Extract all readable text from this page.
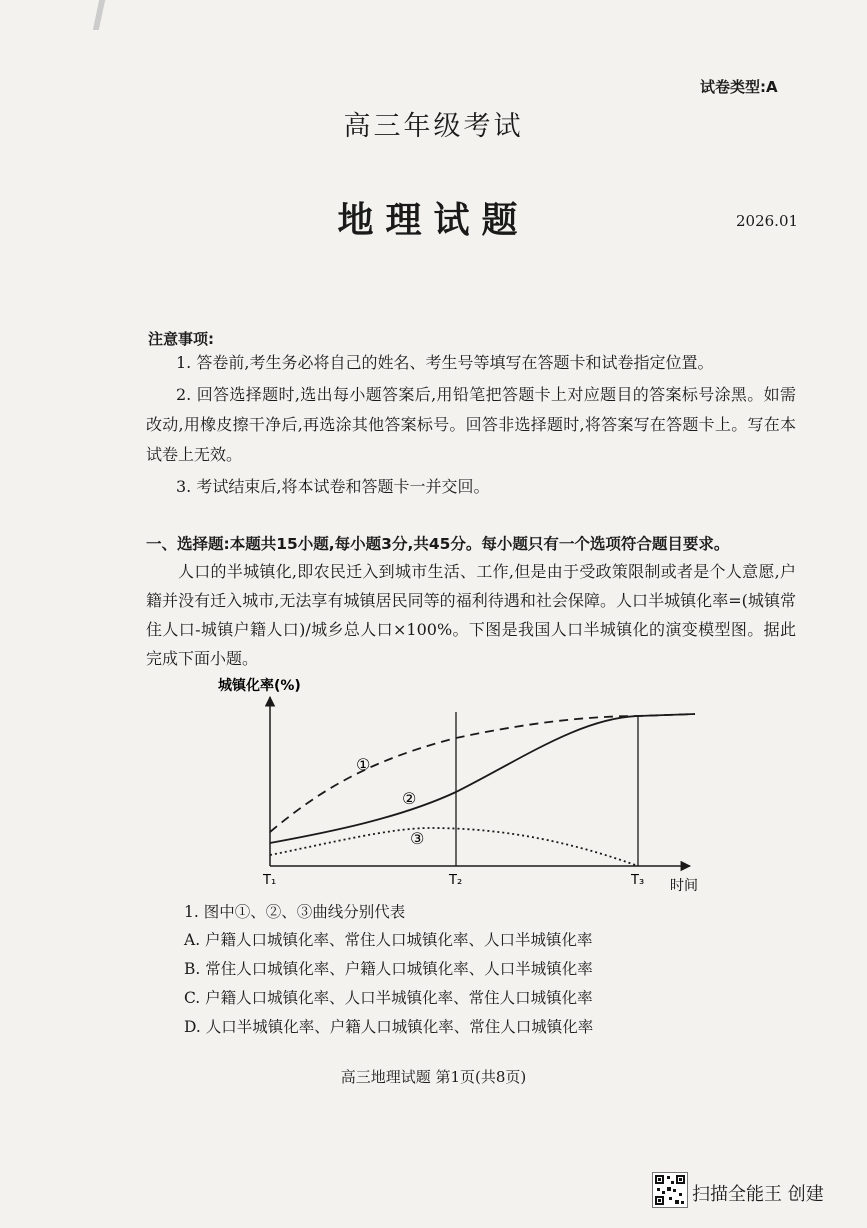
试卷类型:A
高三年级考试
地理试题	2026.01
注意事项:
1. 答卷前,考生务必将自己的姓名、考生号等填写在答题卡和试卷指定位置。
2. 回答选择题时,选出每小题答案后,用铅笔把答题卡上对应题目的答案标号涂黑。如需改动,用橡皮擦干净后,再选涂其他答案标号。回答非选择题时,将答案写在答题卡上。写在本试卷上无效。
3. 考试结束后,将本试卷和答题卡一并交回。
一、选择题:本题共15小题,每小题3分,共45分。每小题只有一个选项符合题目要求。
人口的半城镇化,即农民迁入到城市生活、工作,但是由于受政策限制或者是个人意愿,户籍并没有迁入城市,无法享有城镇居民同等的福利待遇和社会保障。人口半城镇化率=(城镇常住人口-城镇户籍人口)/城乡总人口×100%。下图是我国人口半城镇化的演变模型图。据此完成下面小题。
城镇化率(%)
①
②
③
T₁	T₂	T₃ 时间
1. 图中①、②、③曲线分别代表
A. 户籍人口城镇化率、常住人口城镇化率、人口半城镇化率
B. 常住人口城镇化率、户籍人口城镇化率、人口半城镇化率
C. 户籍人口城镇化率、人口半城镇化率、常住人口城镇化率
D. 人口半城镇化率、户籍人口城镇化率、常住人口城镇化率
高三地理试题 第1页(共8页)
扫描全能王 创建
